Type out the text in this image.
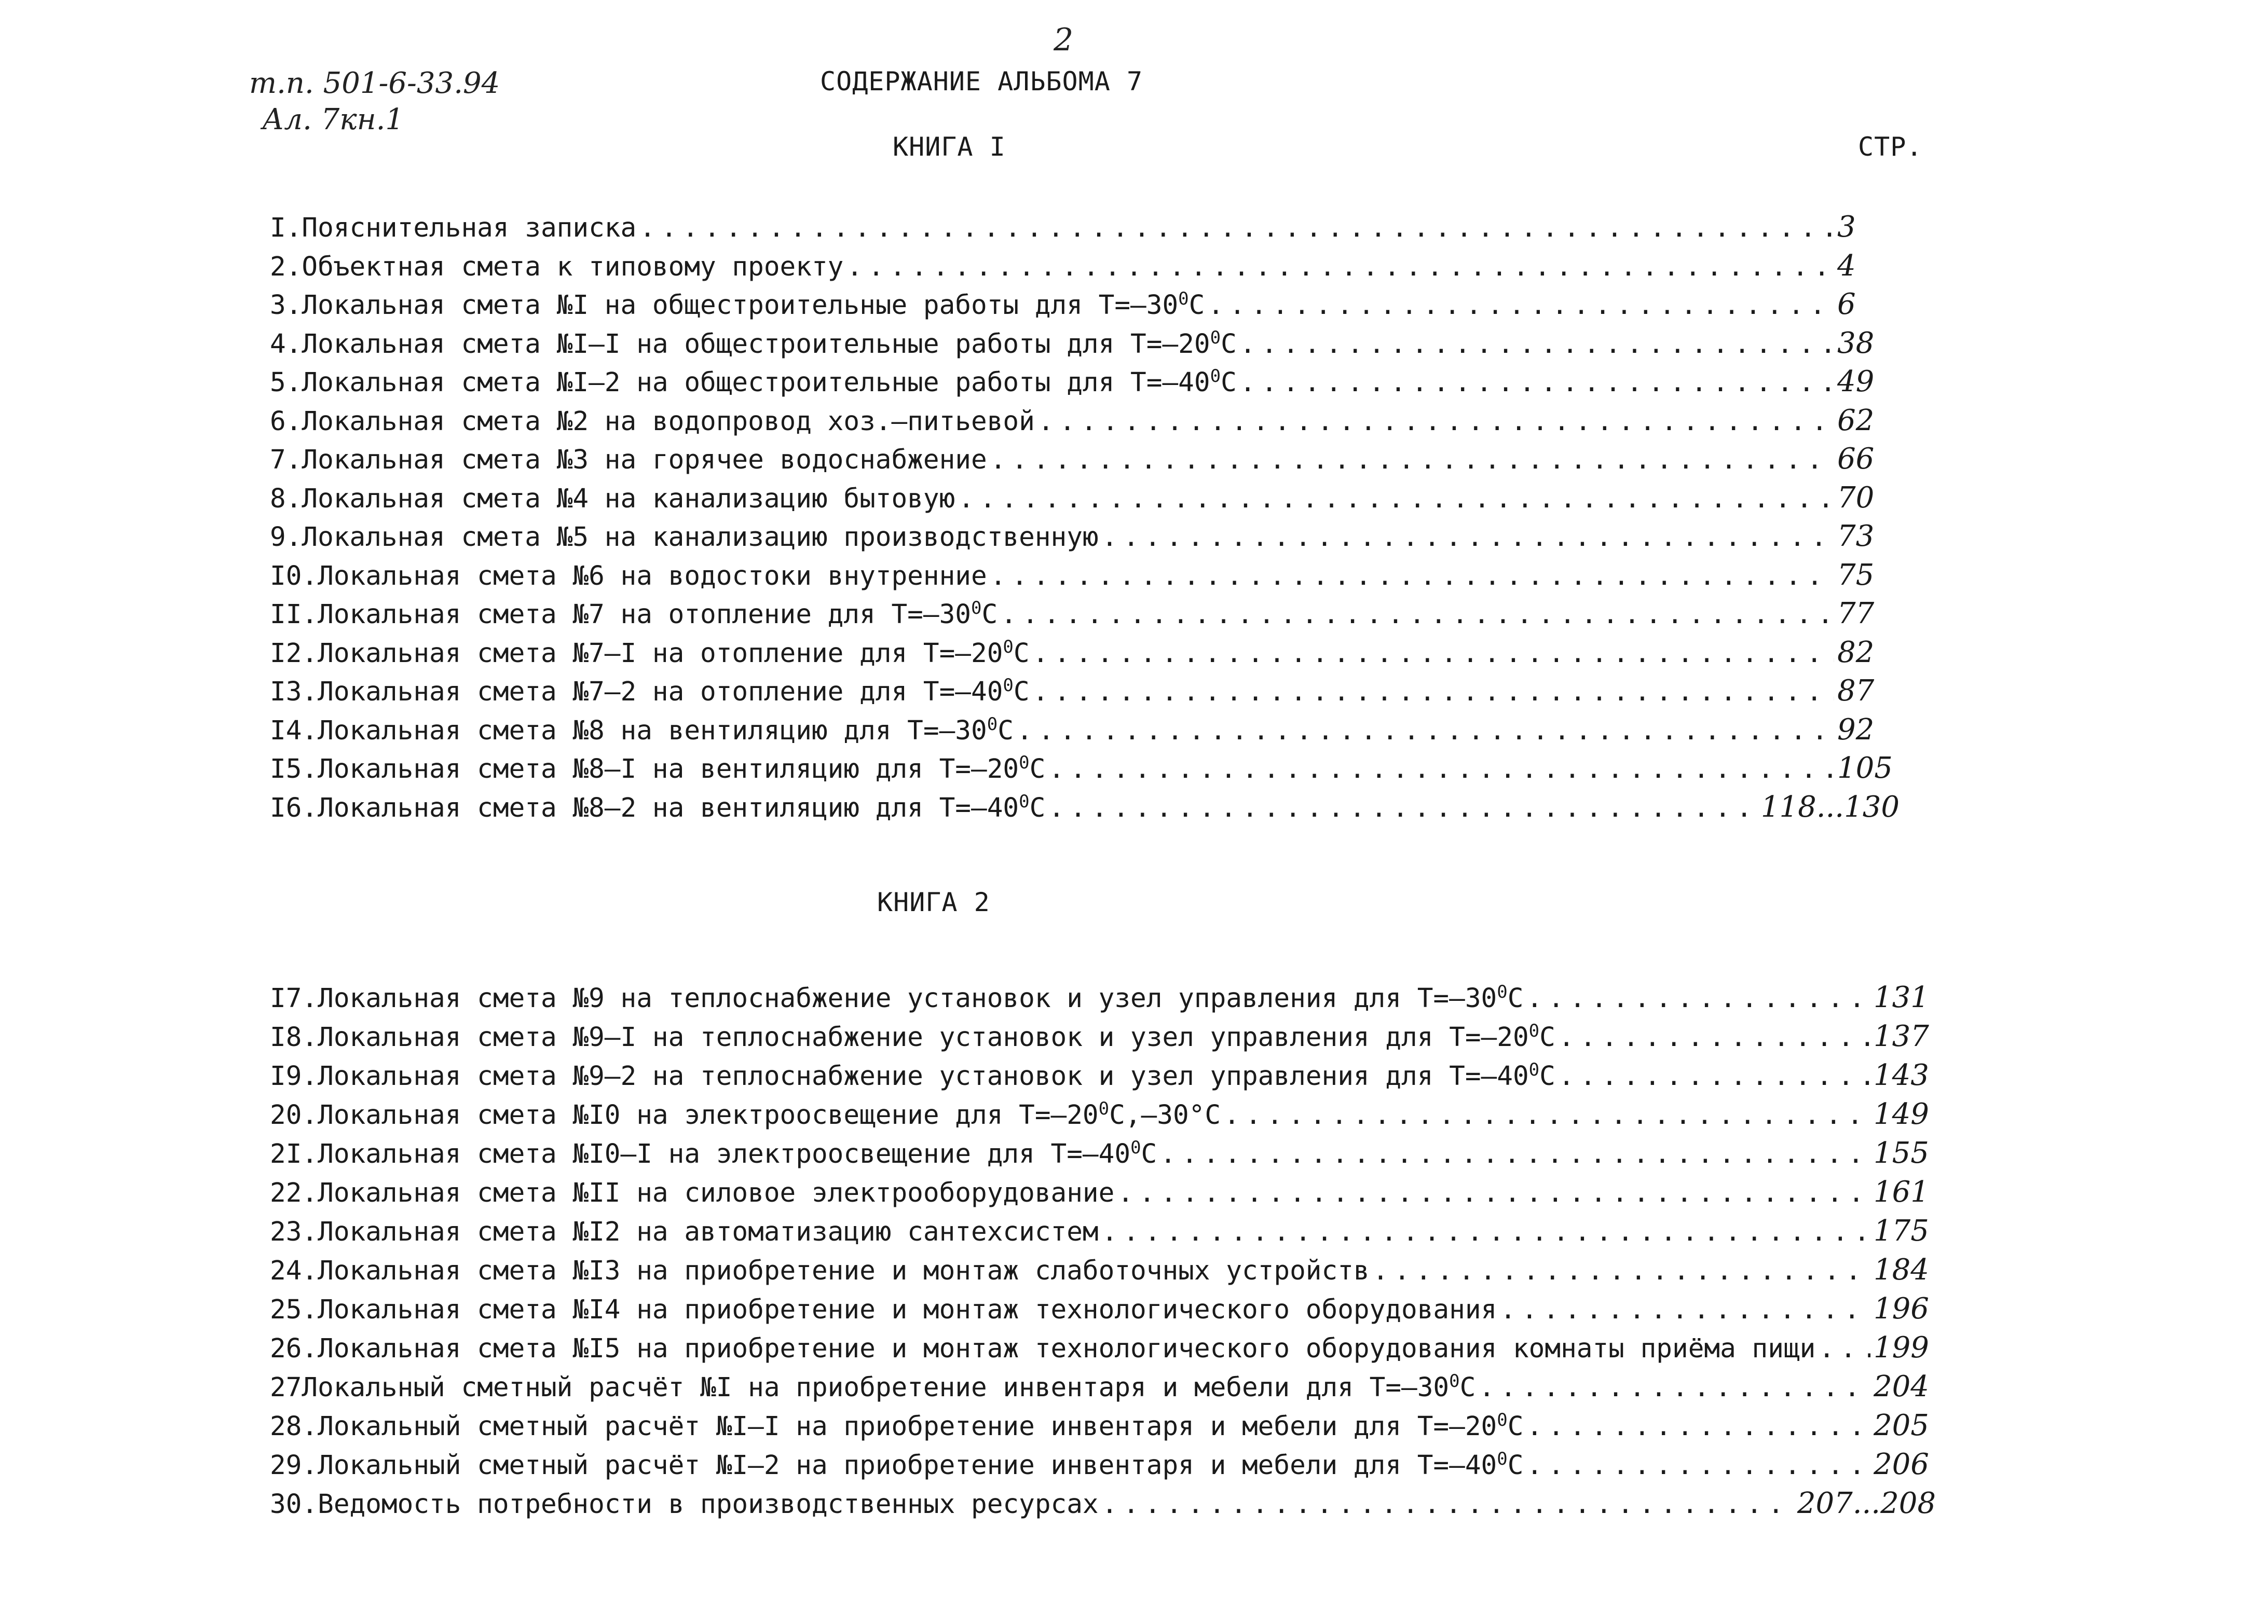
т.п. 501-6-33.94
Ал. 7кн.1
2
СОДЕРЖАНИЕ АЛЬБОМА 7
КНИГА I	СТР.
I.Пояснительная записка . . .	3
2.Объектная смета к типовому проекту . . .	4
3.Локальная смета №I на общестроительные работы для $Т=-30^0С$ . . .	6
4.Локальная смета №I–I на общестроительные работы для $Т=-20^0С$ . . .	38
5.Локальная смета №I–2 на общестроительные работы для $Т=-40^0С$ . . .	49
6.Локальная смета №2 на водопровод хоз.–питьевой . . .	62
7.Локальная смета №3 на горячее водоснабжение . . .	66
8.Локальная смета №4 на канализацию бытовую . . .	70
9.Локальная смета №5 на канализацию производственную . . .	73
I0.Локальная смета №6 на водостоки внутренние . . .	75
II.Локальная смета №7 на отопление для $Т=-30^0С$ . . .	77
I2.Локальная смета №7–I на отопление для $Т=-20^0С$ . . .	82
I3.Локальная смета №7–2 на отопление для $Т=-40^0С$ . . .	87
I4.Локальная смета №8 на вентиляцию для $Т=-30^0С$ . . .	92
I5.Локальная смета №8–I на вентиляцию для $Т=-20^0С$ . . .	105
I6.Локальная смета №8–2 на вентиляцию для $Т=-40^0С$ . . .	118...130
КНИГА 2
I7.Локальная смета №9 на теплоснабжение установок и узел управления для $Т=-30^0С$ . . .	131
I8.Локальная смета №9–I на теплоснабжение установок и узел управления для $Т=-20^0С$ . . .	137
I9.Локальная смета №9–2 на теплоснабжение установок и узел управления для $Т=-40^0С$ . . .	143
20.Локальная смета №I0 на электроосвещение для $Т=-20^0С,-30^\circ С$ . . .	149
2I.Локальная смета №I0–I на электроосвещение для $Т=-40^0С$ . . .	155
22.Локальная смета №II на силовое электрооборудование . . .	161
23.Локальная смета №I2 на автоматизацию сантехсистем . . .	175
24.Локальная смета №I3 на приобретение и монтаж слаботочных устройств . . .	184
25.Локальная смета №I4 на приобретение и монтаж технологического оборудования . . .	196
26.Локальная смета №I5 на приобретение и монтаж технологического оборудования комнаты приёма пищи . . . 199
27Локальный сметный расчёт №I на приобретение инвентаря и мебели для $Т=-30^0С$ . . .	204
28.Локальный сметный расчёт №I–I на приобретение инвентаря и мебели для $Т=-20^0С$ . . .	205
29.Локальный сметный расчёт №I–2 на приобретение инвентаря и мебели для $Т=-40^0С$ . . .	206
30.Ведомость потребности в производственных ресурсах . . .	207...208
